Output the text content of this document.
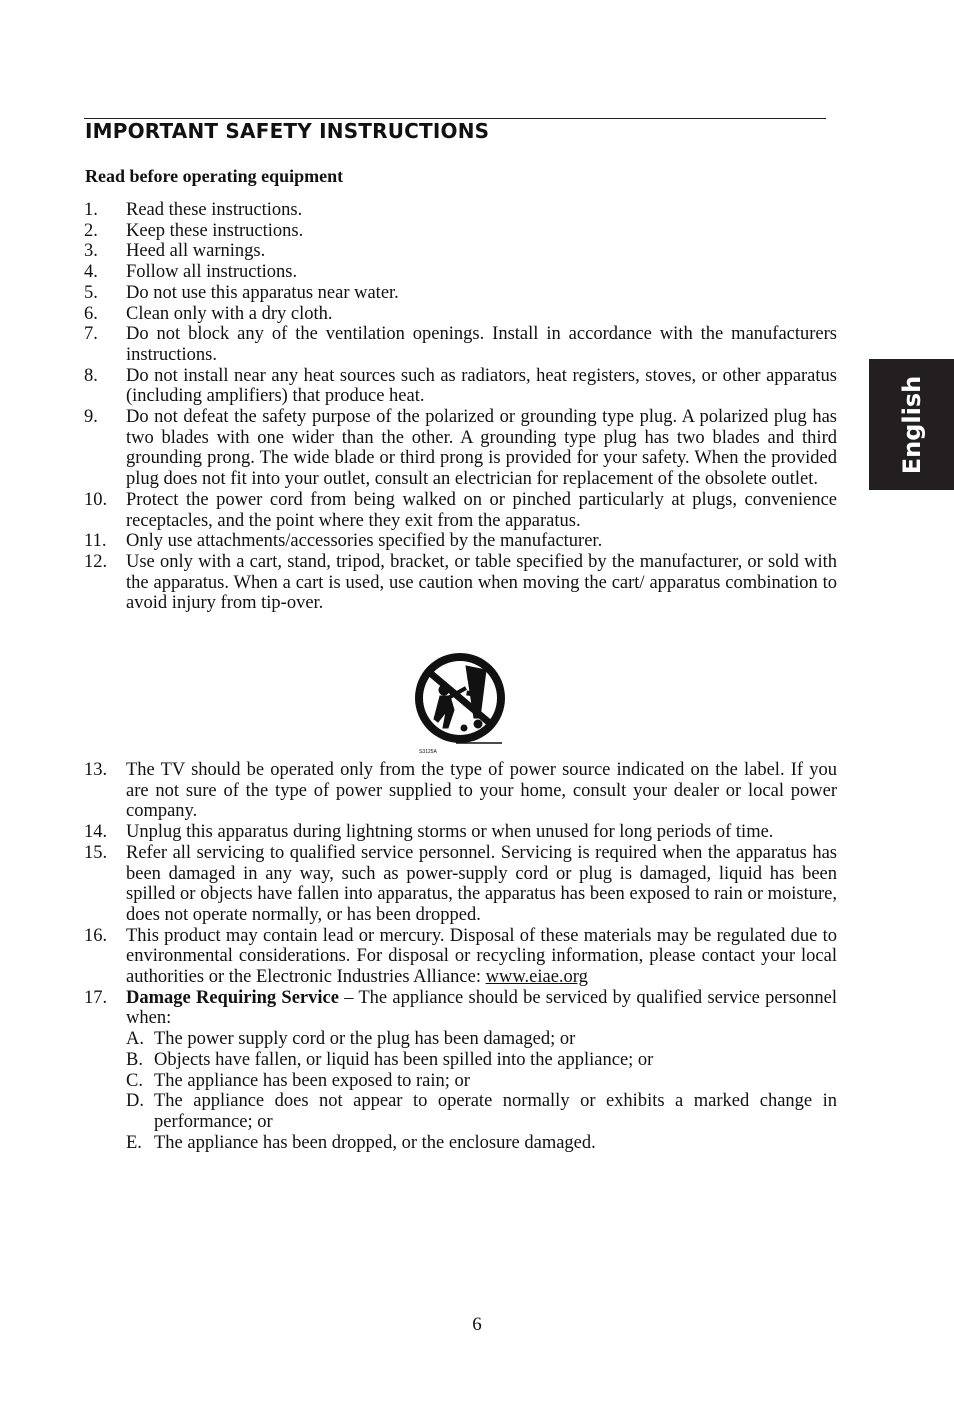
IMPORTANT SAFETY INSTRUCTIONS
Read before operating equipment
English
1. Read these instructions.
2. Keep these instructions.
3. Heed all warnings.
4. Follow all instructions.
5. Do not use this apparatus near water.
6. Clean only with a dry cloth.
7. Do not block any of the ventilation openings. Install in accordance with the manufacturers instructions.
8. Do not install near any heat sources such as radiators, heat registers, stoves, or other apparatus (including amplifiers) that produce heat.
9. Do not defeat the safety purpose of the polarized or grounding type plug. A polarized plug has two blades with one wider than the other. A grounding type plug has two blades and third grounding prong. The wide blade or third prong is provided for your safety. When the provided plug does not fit into your outlet, consult an electrician for replacement of the obsolete outlet.
10. Protect the power cord from being walked on or pinched particularly at plugs, convenience receptacles, and the point where they exit from the apparatus.
11. Only use attachments/accessories specified by the manufacturer.
12. Use only with a cart, stand, tripod, bracket, or table specified by the manufacturer, or sold with the apparatus. When a cart is used, use caution when moving the cart/ apparatus combination to avoid injury from tip-over.
S3125A
13. The TV should be operated only from the type of power source indicated on the label. If you are not sure of the type of power supplied to your home, consult your dealer or local power company.
14. Unplug this apparatus during lightning storms or when unused for long periods of time.
15. Refer all servicing to qualified service personnel. Servicing is required when the apparatus has been damaged in any way, such as power-supply cord or plug is damaged, liquid has been spilled or objects have fallen into apparatus, the apparatus has been exposed to rain or moisture, does not operate normally, or has been dropped.
16. This product may contain lead or mercury. Disposal of these materials may be regulated due to environmental considerations. For disposal or recycling information, please contact your local authorities or the Electronic Industries Alliance: www.eiae.org
17. Damage Requiring Service – The appliance should be serviced by qualified service personnel when:
A. The power supply cord or the plug has been damaged; or
B. Objects have fallen, or liquid has been spilled into the appliance; or
C. The appliance has been exposed to rain; or
D. The appliance does not appear to operate normally or exhibits a marked change in performance; or
E. The appliance has been dropped, or the enclosure damaged.
6
